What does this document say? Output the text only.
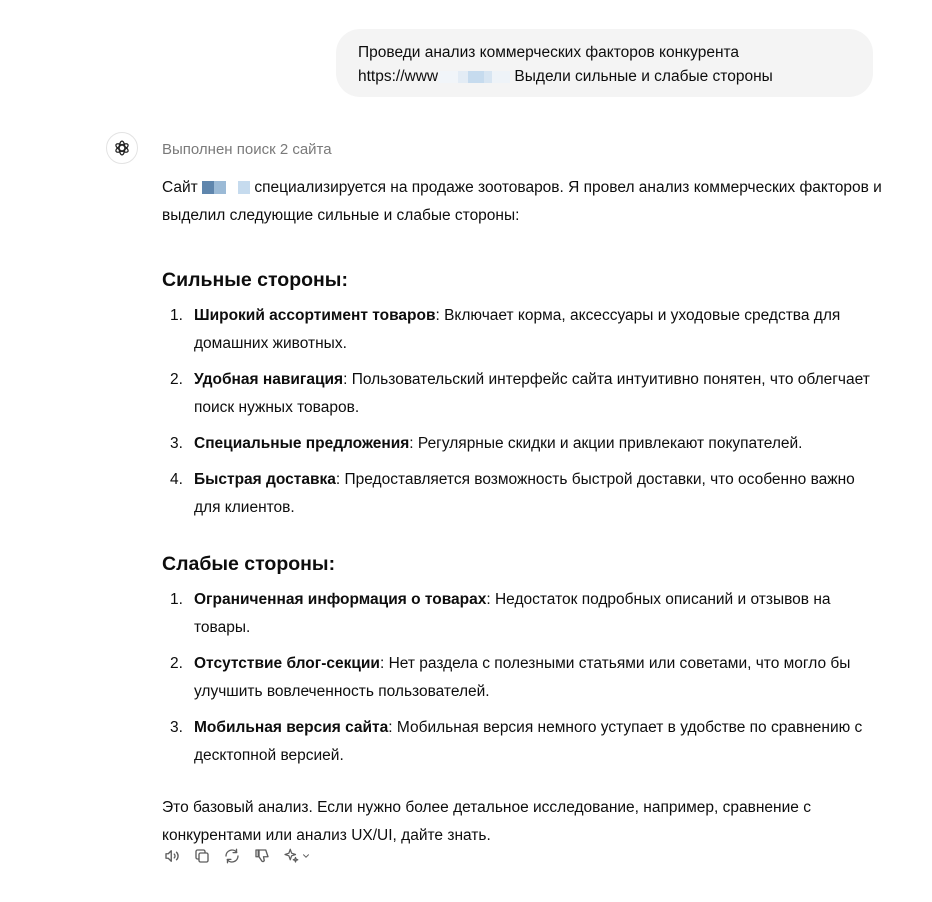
Проведи анализ коммерческих факторов конкурента
https://www	Выдели сильные и слабые стороны
Выполнен поиск 2 сайта

Сайт	специализируется на продаже зоотоваров. Я провел анализ коммерческих факторов и выделил следующие сильные и слабые стороны:

Сильные стороны:
1. Широкий ассортимент товаров: Включает корма, аксессуары и уходовые средства для домашних животных.
2. Удобная навигация: Пользовательский интерфейс сайта интуитивно понятен, что облегчает поиск нужных товаров.
3. Специальные предложения: Регулярные скидки и акции привлекают покупателей.
4. Быстрая доставка: Предоставляется возможность быстрой доставки, что особенно важно для клиентов.
Слабые стороны:
1. Ограниченная информация о товарах: Недостаток подробных описаний и отзывов на товары.
2. Отсутствие блог-секции: Нет раздела с полезными статьями или советами, что могло бы улучшить вовлеченность пользователей.
3. Мобильная версия сайта: Мобильная версия немного уступает в удобстве по сравнению с десктопной версией.

Это базовый анализ. Если нужно более детальное исследование, например, сравнение с конкурентами или анализ UX/UI, дайте знать.
